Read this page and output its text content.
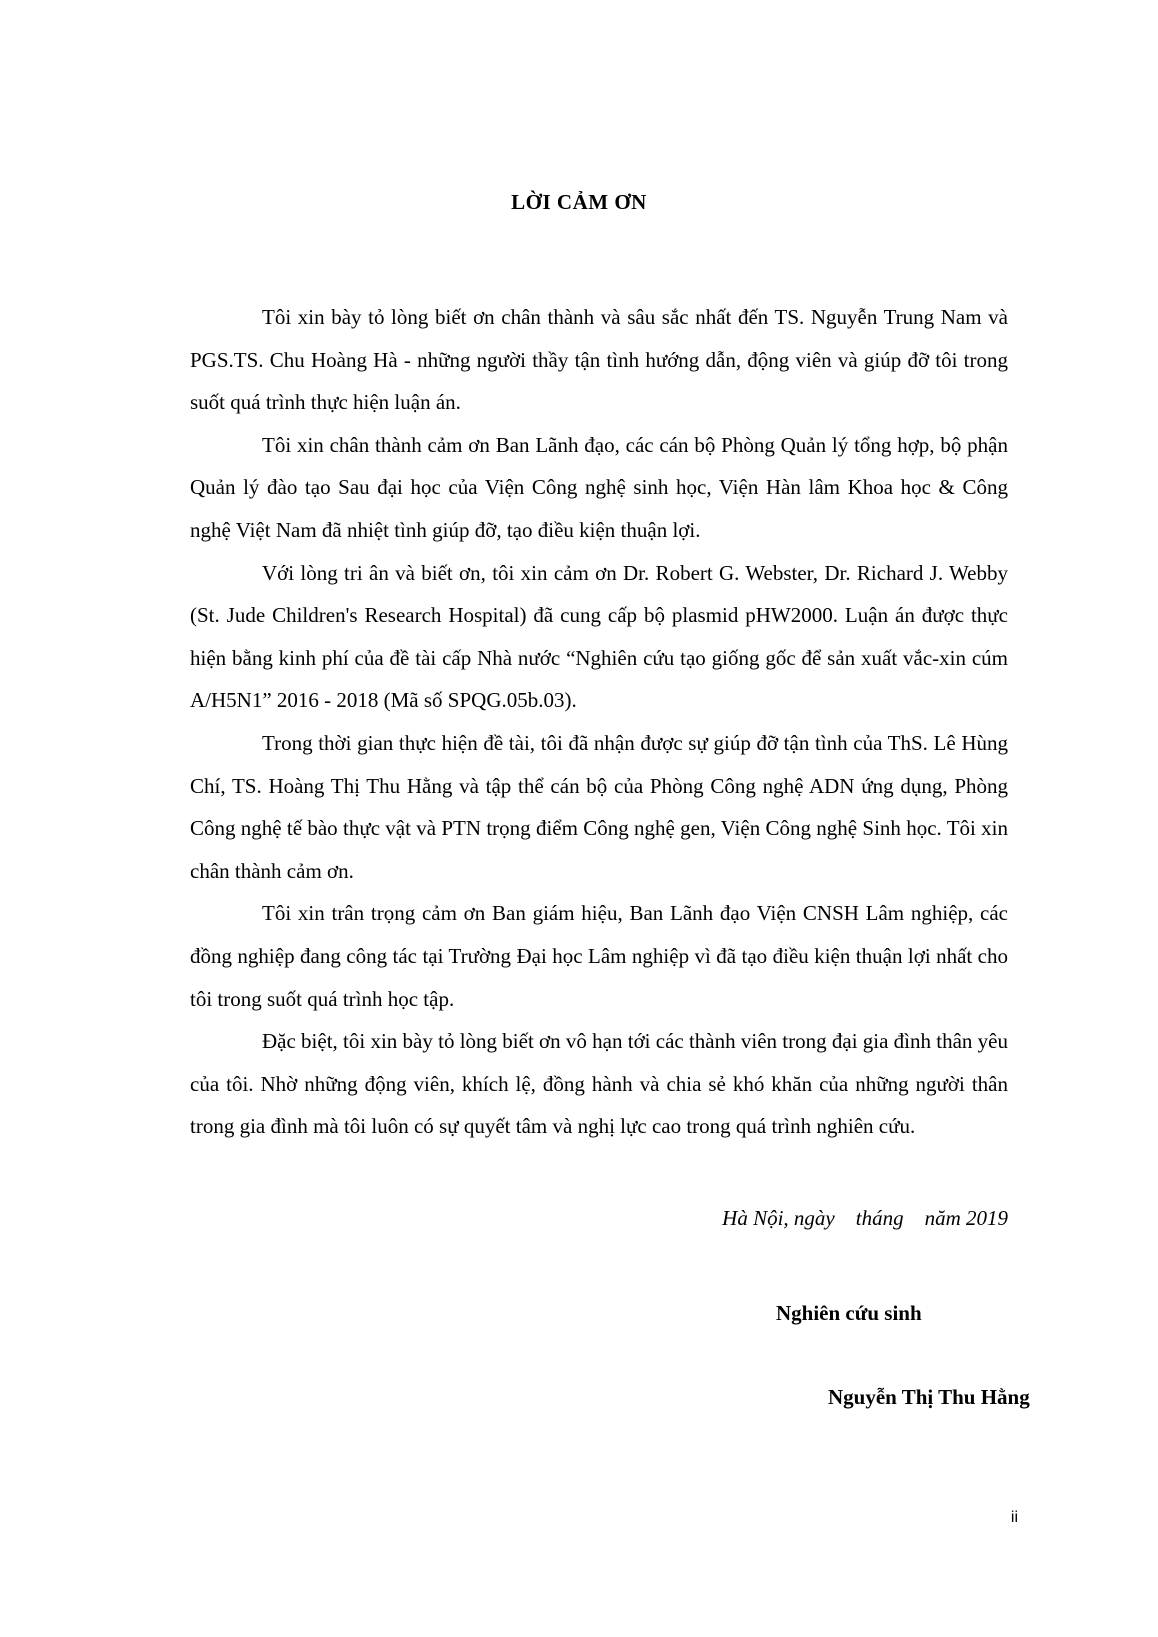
LỜI CẢM ƠN

Tôi xin bày tỏ lòng biết ơn chân thành và sâu sắc nhất đến TS. Nguyễn Trung Nam và PGS.TS. Chu Hoàng Hà - những người thầy tận tình hướng dẫn, động viên và giúp đỡ tôi trong suốt quá trình thực hiện luận án.

Tôi xin chân thành cảm ơn Ban Lãnh đạo, các cán bộ Phòng Quản lý tổng hợp, bộ phận Quản lý đào tạo Sau đại học của Viện Công nghệ sinh học, Viện Hàn lâm Khoa học & Công nghệ Việt Nam đã nhiệt tình giúp đỡ, tạo điều kiện thuận lợi.

Với lòng tri ân và biết ơn, tôi xin cảm ơn Dr. Robert G. Webster, Dr. Richard J. Webby (St. Jude Children's Research Hospital) đã cung cấp bộ plasmid pHW2000. Luận án được thực hiện bằng kinh phí của đề tài cấp Nhà nước “Nghiên cứu tạo giống gốc để sản xuất vắc-xin cúm A/H5N1” 2016 - 2018 (Mã số SPQG.05b.03).

Trong thời gian thực hiện đề tài, tôi đã nhận được sự giúp đỡ tận tình của ThS. Lê Hùng Chí, TS. Hoàng Thị Thu Hằng và tập thể cán bộ của Phòng Công nghệ ADN ứng dụng, Phòng Công nghệ tế bào thực vật và PTN trọng điểm Công nghệ gen, Viện Công nghệ Sinh học. Tôi xin chân thành cảm ơn.

Tôi xin trân trọng cảm ơn Ban giám hiệu, Ban Lãnh đạo Viện CNSH Lâm nghiệp, các đồng nghiệp đang công tác tại Trường Đại học Lâm nghiệp vì đã tạo điều kiện thuận lợi nhất cho tôi trong suốt quá trình học tập.

Đặc biệt, tôi xin bày tỏ lòng biết ơn vô hạn tới các thành viên trong đại gia đình thân yêu của tôi. Nhờ những động viên, khích lệ, đồng hành và chia sẻ khó khăn của những người thân trong gia đình mà tôi luôn có sự quyết tâm và nghị lực cao trong quá trình nghiên cứu.

Hà Nội, ngày    tháng    năm 2019
Nghiên cứu sinh
Nguyễn Thị Thu Hằng
ii
